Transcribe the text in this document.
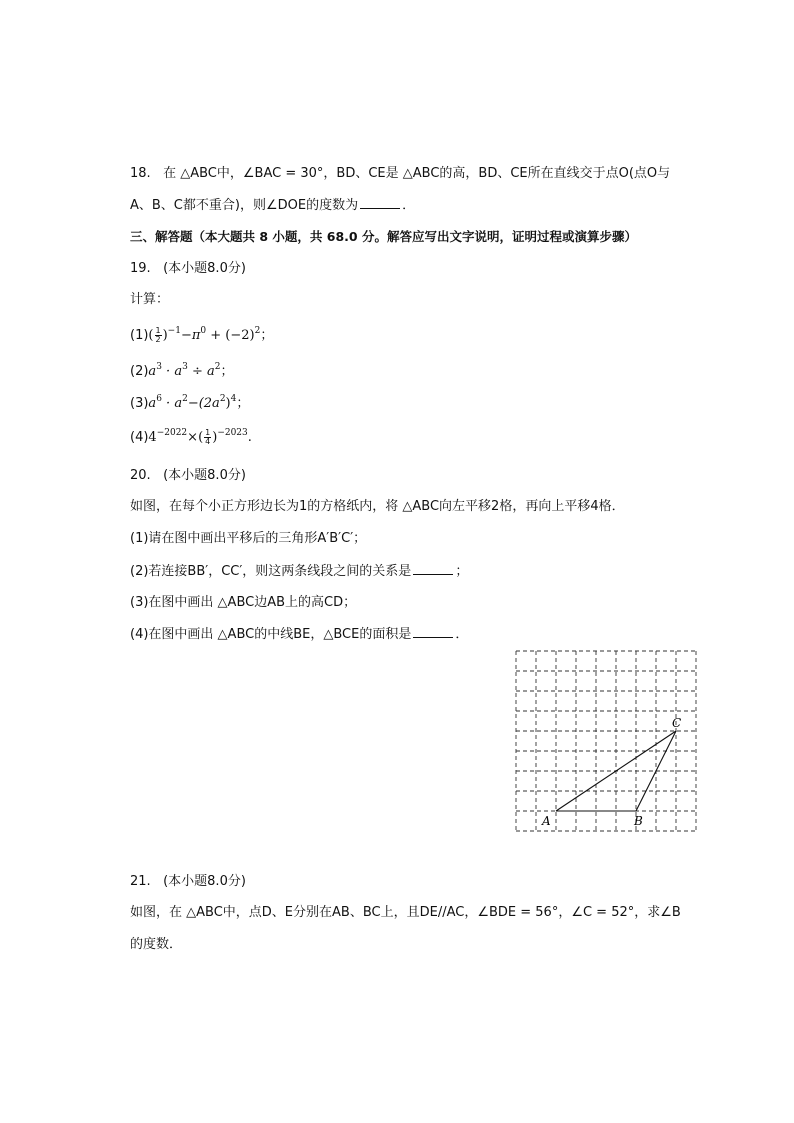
18. 在 △ABC中，∠BAC = 30°，BD、CE是 △ABC的高，BD、CE所在直线交于点O(点O与
A、B、C都不重合)，则∠DOE的度数为	．
三、解答题（本大题共 8 小题，共 68.0 分。解答应写出文字说明，证明过程或演算步骤）
19. (本小题8.0分)
计算：
$(1)( \frac{1}{2} )^{-1}-\pi^0 + (-2)^2$；
$(2)a^3 \cdot a^3 \div a^2$；
$(3)a^6 \cdot a^2-(2a^2)^4$；
$(4)4^{-2022}\times( \frac{1}{4} )^{-2023}$.
20. (本小题8.0分)
如图，在每个小正方形边长为1的方格纸内，将 △ABC向左平移2格，再向上平移4格．
(1)请在图中画出平移后的三角形A′B′C′；
(2)若连接BB′，CC′，则这两条线段之间的关系是	；
(3)在图中画出 △ABC边AB上的高CD；
(4)在图中画出 △ABC的中线BE，△BCE的面积是	．
A	B
C
21. (本小题8.0分)
如图，在 △ABC中，点D、E分别在AB、BC上，且DE//AC，∠BDE = 56°，∠C = 52°，求∠B
的度数．
